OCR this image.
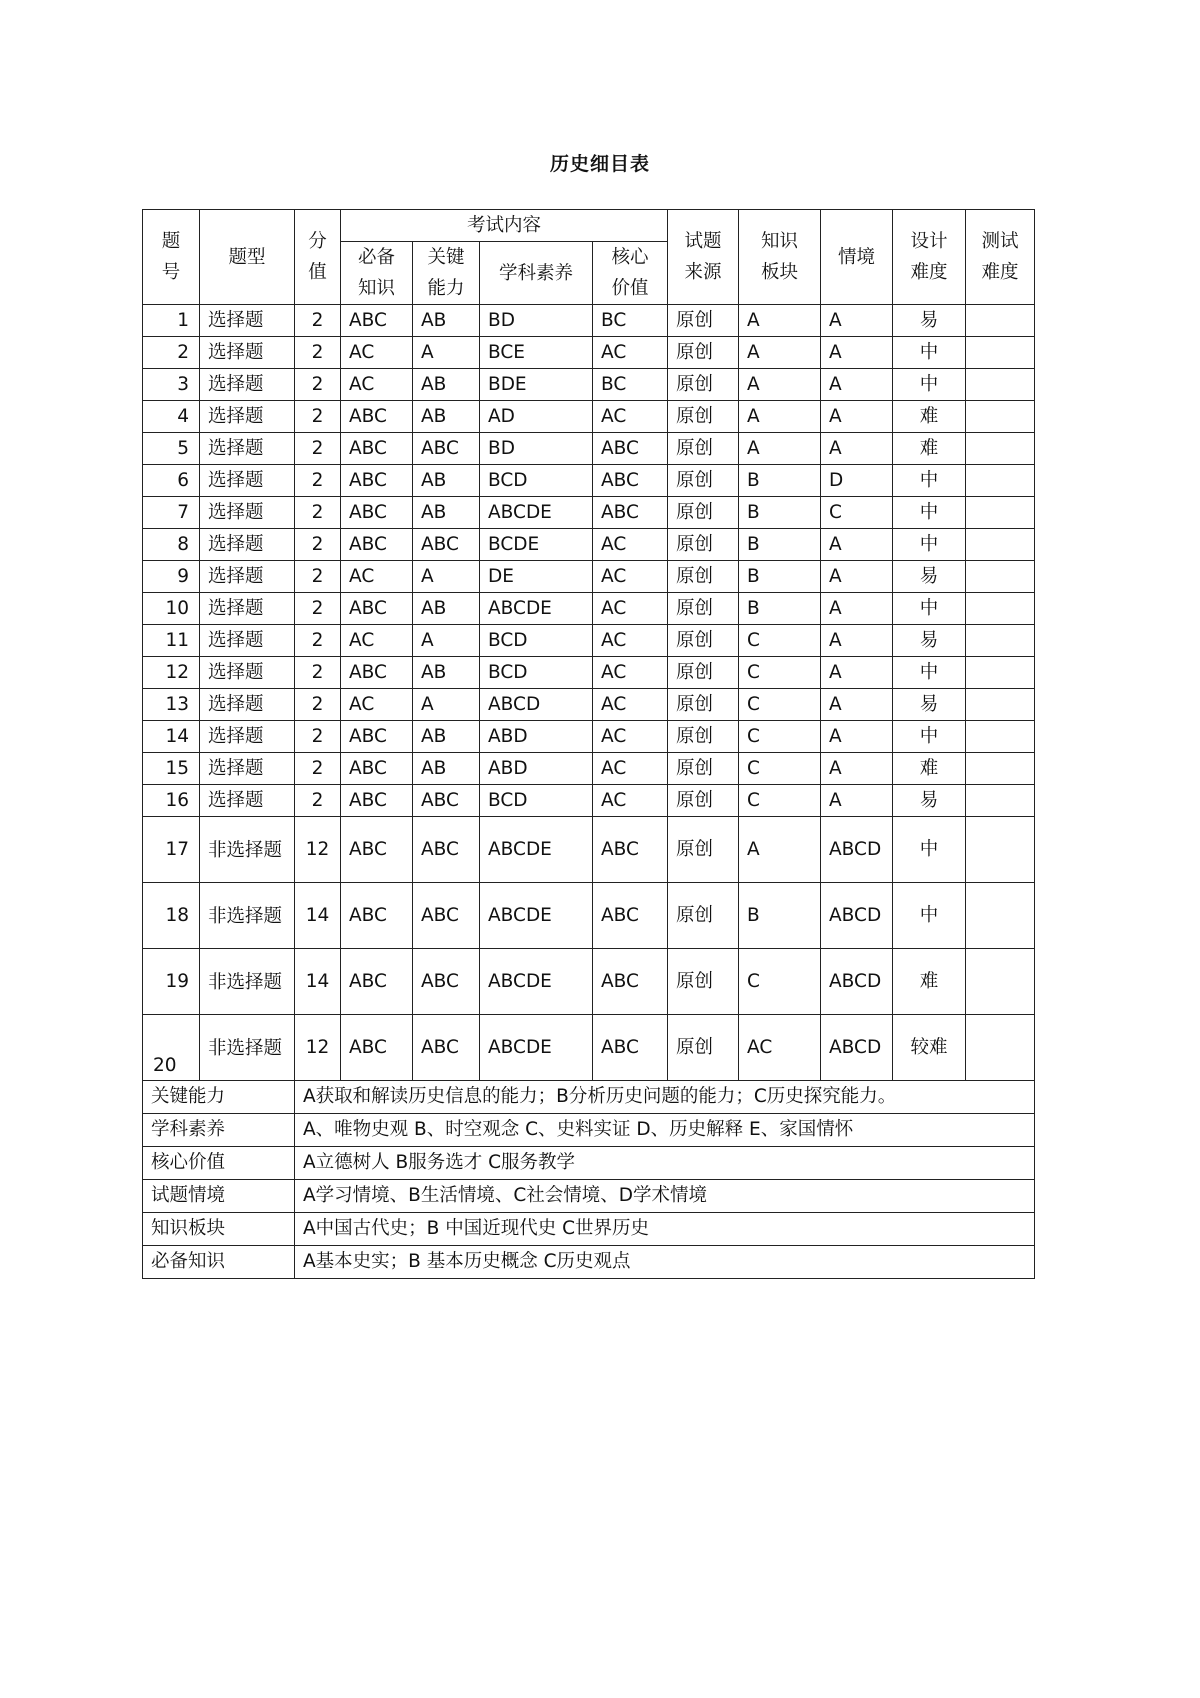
历史细目表
题号	题型	分值	考试内容				试题来源	知识板块	情境	设计难度	测试难度
			必备知识	关键能力	学科素养	核心价值					
1	选择题	2	ABC	AB	BD	BC	原创	A	A	易	
2	选择题	2	AC	A	BCE	AC	原创	A	A	中	
3	选择题	2	AC	AB	BDE	BC	原创	A	A	中	
4	选择题	2	ABC	AB	AD	AC	原创	A	A	难	
5	选择题	2	ABC	ABC	BD	ABC	原创	A	A	难	
6	选择题	2	ABC	AB	BCD	ABC	原创	B	D	中	
7	选择题	2	ABC	AB	ABCDE	ABC	原创	B	C	中	
8	选择题	2	ABC	ABC	BCDE	AC	原创	B	A	中	
9	选择题	2	AC	A	DE	AC	原创	B	A	易	
10	选择题	2	ABC	AB	ABCDE	AC	原创	B	A	中	
11	选择题	2	AC	A	BCD	AC	原创	C	A	易	
12	选择题	2	ABC	AB	BCD	AC	原创	C	A	中	
13	选择题	2	AC	A	ABCD	AC	原创	C	A	易	
14	选择题	2	ABC	AB	ABD	AC	原创	C	A	中	
15	选择题	2	ABC	AB	ABD	AC	原创	C	A	难	
16	选择题	2	ABC	ABC	BCD	AC	原创	C	A	易	
17	非选择题	12	ABC	ABC	ABCDE	ABC	原创	A	ABCD	中	
18	非选择题	14	ABC	ABC	ABCDE	ABC	原创	B	ABCD	中	
19	非选择题	14	ABC	ABC	ABCDE	ABC	原创	C	ABCD	难	
20	非选择题	12	ABC	ABC	ABCDE	ABC	原创	AC	ABCD	较难	
关键能力		A获取和解读历史信息的能力；B分析历史问题的能力；C历史探究能力。									
学科素养		A、唯物史观 B、时空观念 C、史料实证 D、历史解释 E、家国情怀									
核心价值		A立德树人 B服务选才 C服务教学									
试题情境		A学习情境、B生活情境、C社会情境、D学术情境									
知识板块		A中国古代史；B 中国近现代史 C世界历史									
必备知识		A基本史实；B 基本历史概念 C历史观点									
